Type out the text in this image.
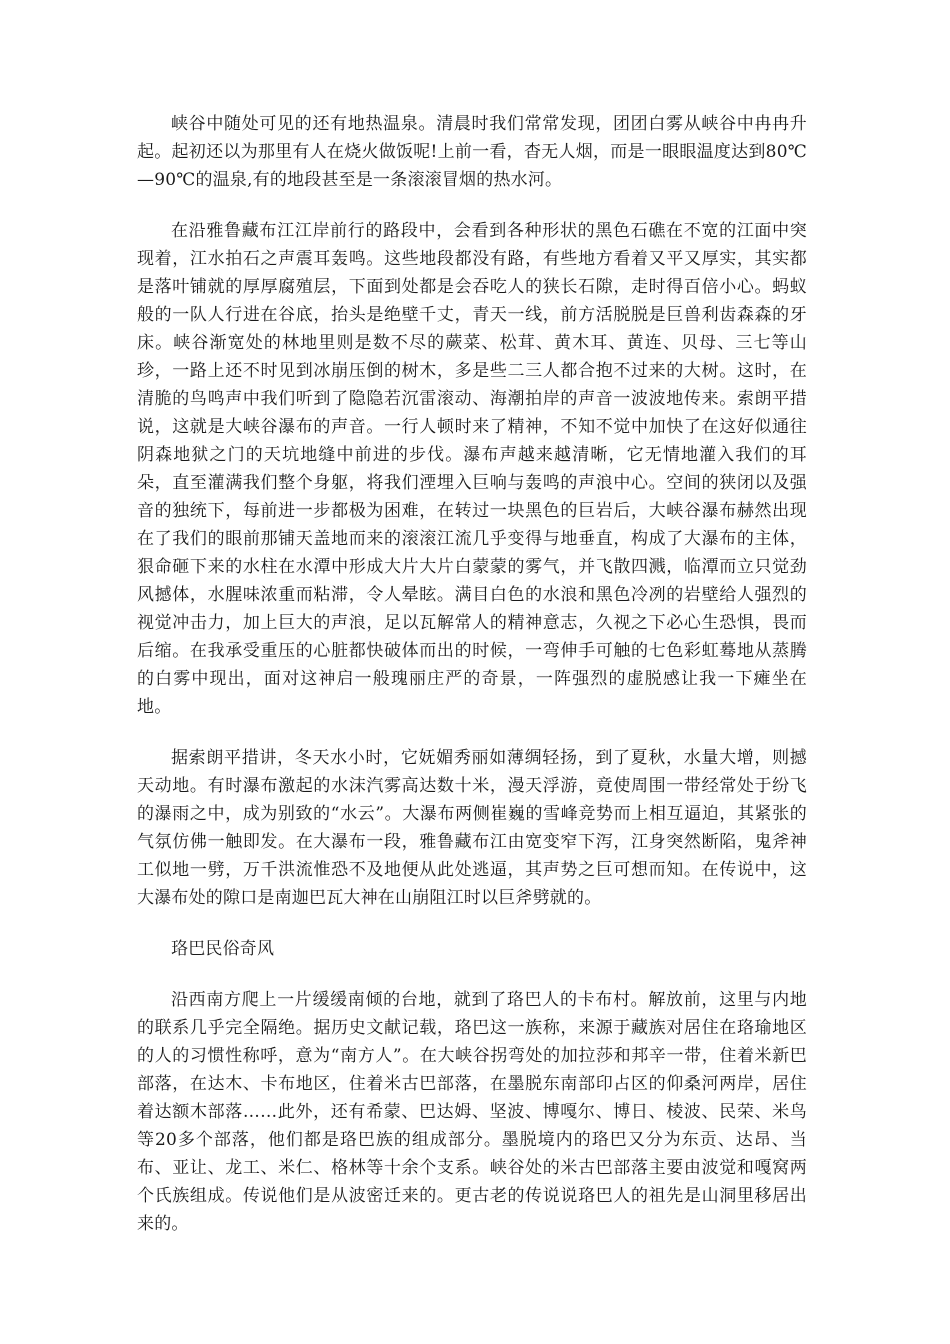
峡谷中随处可见的还有地热温泉。清晨时我们常常发现，团团白雾从峡谷中冉冉升起。起初还以为那里有人在烧火做饭呢!上前一看，杳无人烟，而是一眼眼温度达到80℃—90℃的温泉,有的地段甚至是一条滚滚冒烟的热水河。

在沿雅鲁藏布江江岸前行的路段中，会看到各种形状的黑色石礁在不宽的江面中突现着，江水拍石之声震耳轰鸣。这些地段都没有路，有些地方看着又平又厚实，其实都是落叶铺就的厚厚腐殖层，下面到处都是会吞吃人的狭长石隙，走时得百倍小心。蚂蚁般的一队人行进在谷底，抬头是绝壁千丈，青天一线，前方活脱脱是巨兽利齿森森的牙床。峡谷渐宽处的林地里则是数不尽的蕨菜、松茸、黄木耳、黄连、贝母、三七等山珍，一路上还不时见到冰崩压倒的树木，多是些二三人都合抱不过来的大树。这时，在清脆的鸟鸣声中我们听到了隐隐若沉雷滚动、海潮拍岸的声音一波波地传来。索朗平措说，这就是大峡谷瀑布的声音。一行人顿时来了精神，不知不觉中加快了在这好似通往阴森地狱之门的天坑地缝中前进的步伐。瀑布声越来越清晰，它无情地灌入我们的耳朵，直至灌满我们整个身躯，将我们湮埋入巨响与轰鸣的声浪中心。空间的狭闭以及强音的独统下，每前进一步都极为困难，在转过一块黑色的巨岩后，大峡谷瀑布赫然出现在了我们的眼前那铺天盖地而来的滚滚江流几乎变得与地垂直，构成了大瀑布的主体，狠命砸下来的水柱在水潭中形成大片大片白蒙蒙的雾气，并飞散四溅，临潭而立只觉劲风撼体，水腥味浓重而粘滞，令人晕眩。满目白色的水浪和黑色冷冽的岩壁给人强烈的视觉冲击力，加上巨大的声浪，足以瓦解常人的精神意志，久视之下必心生恐惧，畏而后缩。在我承受重压的心脏都快破体而出的时候，一弯伸手可触的七色彩虹蓦地从蒸腾的白雾中现出，面对这神启一般瑰丽庄严的奇景，一阵强烈的虚脱感让我一下瘫坐在地。

据索朗平措讲，冬天水小时，它妩媚秀丽如薄绸轻扬，到了夏秋，水量大增，则撼天动地。有时瀑布激起的水沫汽雾高达数十米，漫天浮游，竟使周围一带经常处于纷飞的瀑雨之中，成为别致的“水云”。大瀑布两侧崔巍的雪峰竞势而上相互逼迫，其紧张的气氛仿佛一触即发。在大瀑布一段，雅鲁藏布江由宽变窄下泻，江身突然断陷，鬼斧神工似地一劈，万千洪流惟恐不及地便从此处逃逼，其声势之巨可想而知。在传说中，这大瀑布处的隙口是南迦巴瓦大神在山崩阻江时以巨斧劈就的。

珞巴民俗奇风

沿西南方爬上一片缓缓南倾的台地，就到了珞巴人的卡布村。解放前，这里与内地的联系几乎完全隔绝。据历史文献记载，珞巴这一族称，来源于藏族对居住在珞瑜地区的人的习惯性称呼，意为“南方人”。在大峡谷拐弯处的加拉莎和邦辛一带，住着米新巴部落，在达木、卡布地区，住着米古巴部落，在墨脱东南部印占区的仰桑河两岸，居住着达额木部落……此外，还有希蒙、巴达姆、坚波、博嘎尔、博日、棱波、民荣、米鸟等20多个部落，他们都是珞巴族的组成部分。墨脱境内的珞巴又分为东贡、达昂、当布、亚让、龙工、米仁、格林等十余个支系。峡谷处的米古巴部落主要由波觉和嘎窝两个氏族组成。传说他们是从波密迁来的。更古老的传说说珞巴人的祖先是山洞里移居出来的。
